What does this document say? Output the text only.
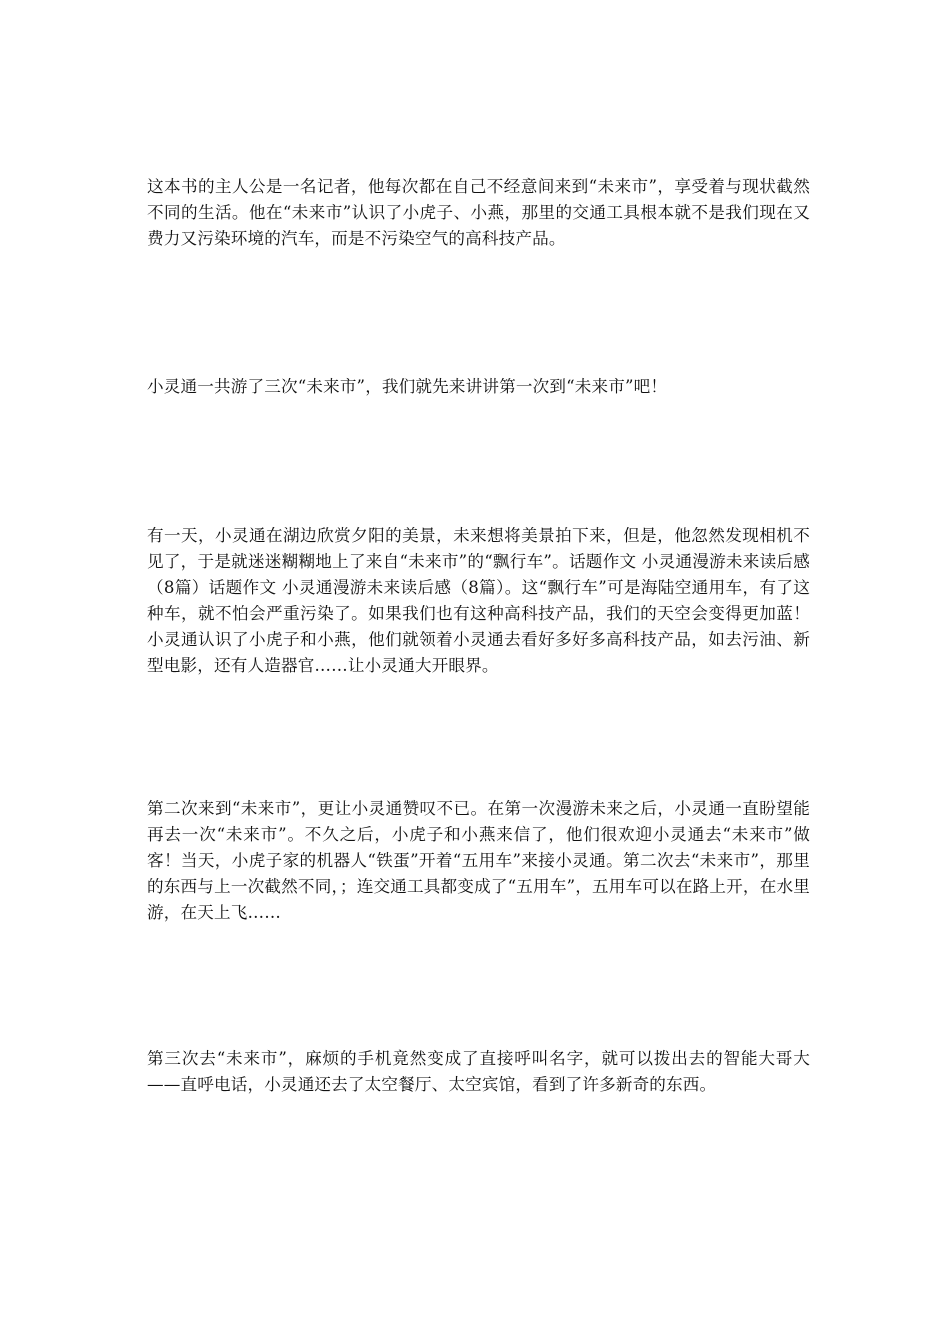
这本书的主人公是一名记者，他每次都在自己不经意间来到“未来市”，享受着与现状截然不同的生活。他在“未来市”认识了小虎子、小燕，那里的交通工具根本就不是我们现在又费力又污染环境的汽车，而是不污染空气的高科技产品。

小灵通一共游了三次“未来市”，我们就先来讲讲第一次到“未来市”吧！

有一天，小灵通在湖边欣赏夕阳的美景，未来想将美景拍下来，但是，他忽然发现相机不见了，于是就迷迷糊糊地上了来自“未来市”的“飘行车”。话题作文 小灵通漫游未来读后感（8篇）话题作文 小灵通漫游未来读后感（8篇）。这“飘行车”可是海陆空通用车，有了这种车，就不怕会严重污染了。如果我们也有这种高科技产品，我们的天空会变得更加蓝！小灵通认识了小虎子和小燕，他们就领着小灵通去看好多好多高科技产品，如去污油、新型电影，还有人造器官……让小灵通大开眼界。

第二次来到“未来市”，更让小灵通赞叹不已。在第一次漫游未来之后，小灵通一直盼望能再去一次“未来市”。不久之后，小虎子和小燕来信了，他们很欢迎小灵通去“未来市”做客！当天，小虎子家的机器人“铁蛋”开着“五用车”来接小灵通。第二次去“未来市”，那里的东西与上一次截然不同，；连交通工具都变成了“五用车”，五用车可以在路上开，在水里游，在天上飞……

第三次去“未来市”，麻烦的手机竟然变成了直接呼叫名字，就可以拨出去的智能大哥大——直呼电话，小灵通还去了太空餐厅、太空宾馆，看到了许多新奇的东西。
